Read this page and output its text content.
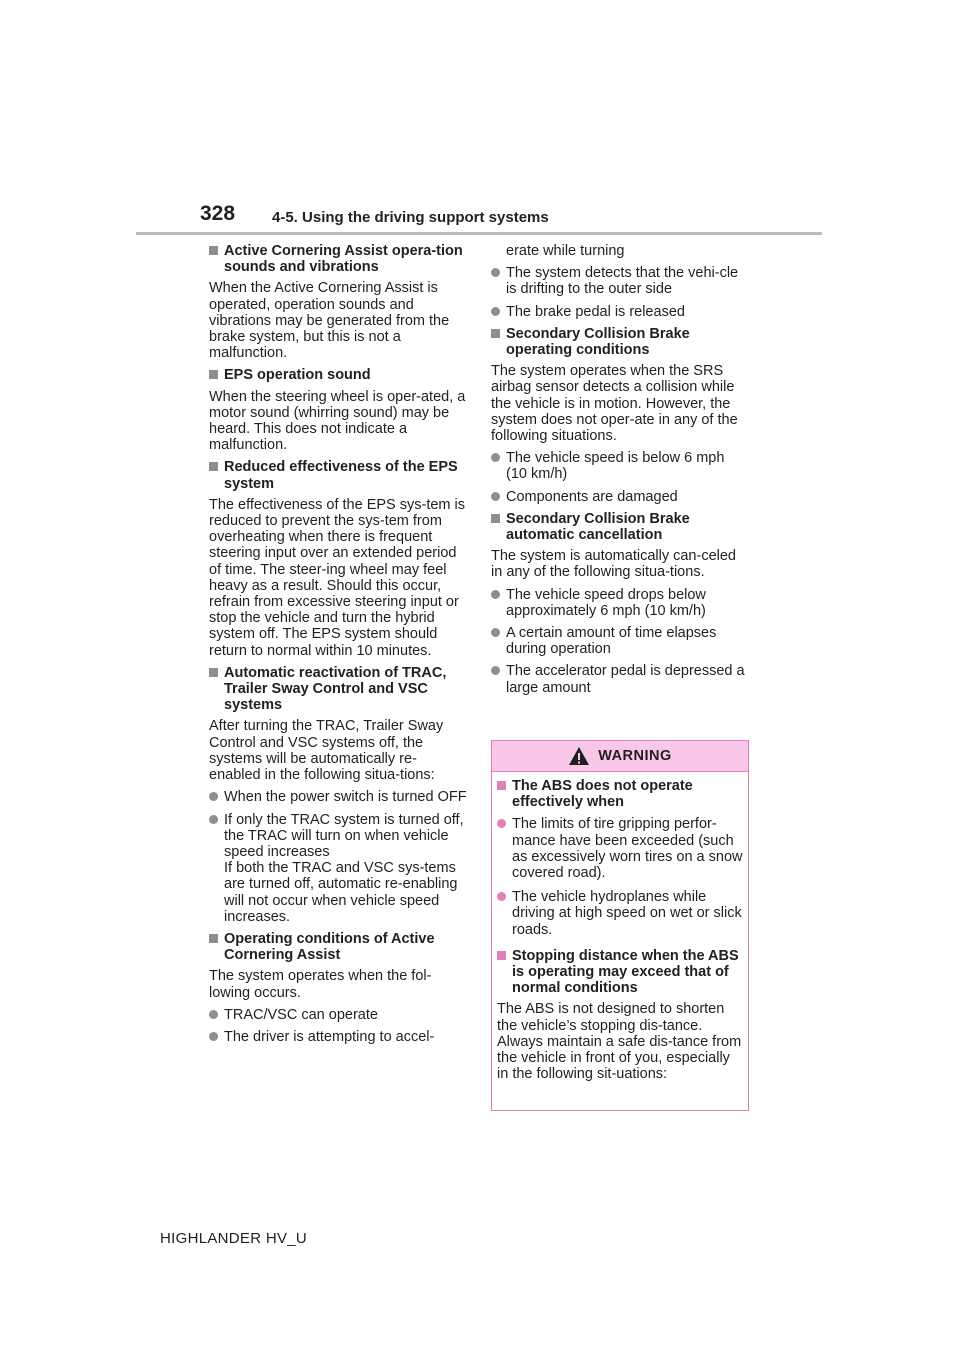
328 4-5. Using the driving support systems
Active Cornering Assist opera-tion sounds and vibrations
When the Active Cornering Assist is operated, operation sounds and vibrations may be generated from the brake system, but this is not a malfunction.
EPS operation sound
When the steering wheel is oper-ated, a motor sound (whirring sound) may be heard. This does not indicate a malfunction.
Reduced effectiveness of the EPS system
The effectiveness of the EPS sys-tem is reduced to prevent the sys-tem from overheating when there is frequent steering input over an extended period of time. The steer-ing wheel may feel heavy as a result. Should this occur, refrain from excessive steering input or stop the vehicle and turn the hybrid system off. The EPS system should return to normal within 10 minutes.
Automatic reactivation of TRAC, Trailer Sway Control and VSC systems
After turning the TRAC, Trailer Sway Control and VSC systems off, the systems will be automatically re-enabled in the following situa-tions:
When the power switch is turned OFF
If only the TRAC system is turned off, the TRAC will turn on when vehicle speed increases
If both the TRAC and VSC sys-tems are turned off, automatic re-enabling will not occur when vehicle speed increases.
Operating conditions of Active Cornering Assist
The system operates when the fol-lowing occurs.
TRAC/VSC can operate
The driver is attempting to accel-
erate while turning
The system detects that the vehi-cle is drifting to the outer side
The brake pedal is released
Secondary Collision Brake operating conditions
The system operates when the SRS airbag sensor detects a collision while the vehicle is in motion. However, the system does not oper-ate in any of the following situations.
The vehicle speed is below 6 mph (10 km/h)
Components are damaged
Secondary Collision Brake automatic cancellation
The system is automatically can-celed in any of the following situa-tions.
The vehicle speed drops below approximately 6 mph (10 km/h)
A certain amount of time elapses during operation
The accelerator pedal is depressed a large amount
WARNING
The ABS does not operate effectively when
The limits of tire gripping perfor-mance have been exceeded (such as excessively worn tires on a snow covered road).
The vehicle hydroplanes while driving at high speed on wet or slick roads.
Stopping distance when the ABS is operating may exceed that of normal conditions
The ABS is not designed to shorten the vehicle’s stopping dis-tance. Always maintain a safe dis-tance from the vehicle in front of you, especially in the following sit-uations:
HIGHLANDER HV_U
